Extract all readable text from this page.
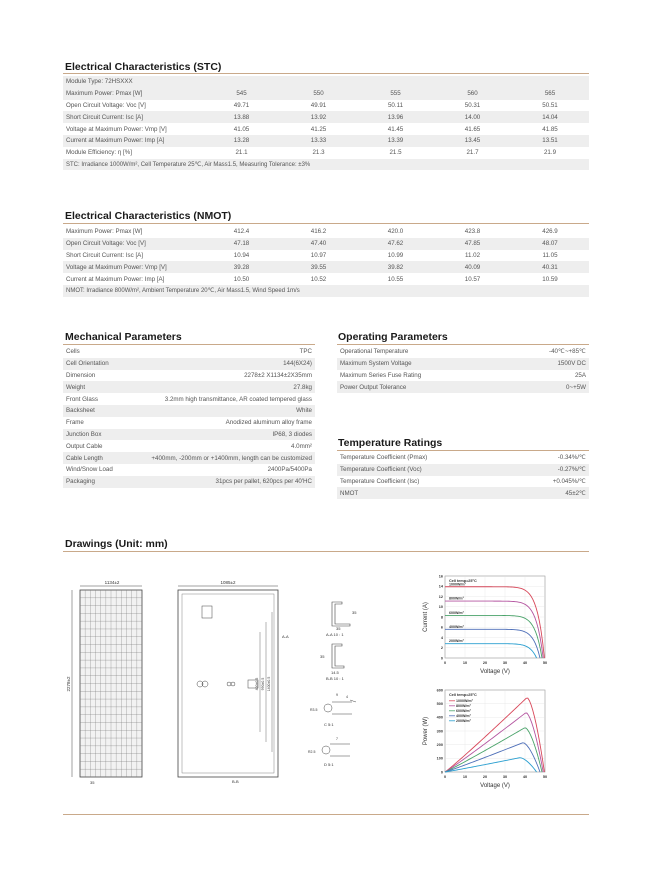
Electrical Characteristics (STC)
Module Type: 72HSXXX					
Maximum Power: Pmax [W]	545	550	555	560	565
Open Circuit Voltage: Voc [V]	49.71	49.91	50.11	50.31	50.51
Short Circuit Current: Isc [A]	13.88	13.92	13.96	14.00	14.04
Voltage at Maximum Power: Vmp [V]	41.05	41.25	41.45	41.65	41.85
Current at Maximum Power: Imp [A]	13.28	13.33	13.39	13.45	13.51
Module Efficiency: η [%]	21.1	21.3	21.5	21.7	21.9
STC: Irradiance 1000W/m², Cell Temperature 25℃, Air Mass1.5, Measuring Tolerance: ±3%					
Electrical Characteristics (NMOT)
Maximum Power: Pmax [W]	412.4	416.2	420.0	423.8	426.9
Open Circuit Voltage: Voc [V]	47.18	47.40	47.62	47.85	48.07
Short Circuit Current: Isc [A]	10.94	10.97	10.99	11.02	11.05
Voltage at Maximum Power: Vmp [V]	39.28	39.55	39.82	40.09	40.31
Current at Maximum Power: Imp [A]	10.50	10.52	10.55	10.57	10.59
NMOT: Irradiance 800W/m², Ambient Temperature 20℃, Air Mass1.5, Wind Speed 1m/s					
Mechanical Parameters
Cells	TPC
Cell Orientation	144(6X24)
Dimension	2278±2 X1134±2X35mm
Weight	27.8kg
Front Glass	3.2mm high transmittance, AR coated tempered glass
Backsheet	White
Frame	Anodized aluminum alloy frame
Junction Box	IP68, 3 diodes
Output Cable	4.0mm²
Cable Length	+400mm, -200mm or +1400mm, length can be customized
Wind/Snow Load	2400Pa/5400Pa
Packaging	31pcs per pallet, 620pcs per 40'HC
Operating Parameters
Operational Temperature	-40℃~+85℃
Maximum System Voltage	1500V DC
Maximum Series Fuse Rating	25A
Power Output Tolerance	0~+5W
Temperature Ratings
Temperature Coefficient (Pmax)	-0.34%/℃
Temperature Coefficient (Voc)	-0.27%/℃
Temperature Coefficient (Isc)	+0.045%/℃
NMOT	45±2℃
Drawings (Unit: mm)
1134±2
2278±2
35
1085±2
400±0.5 990±0.5 1400±0.5
A-A
B-B
35
35
A-A 10 : 1
35
14.5
B-B 10 : 1
R3.5
4
9
C 5:1
R2.5
7
D 5:1
0	10	20	30	40	50
0
2
4
6
8
10
12
14
16
Voltage (V)
Current (A)
Cell temp=25°C
1000W/m²
800W/m²
600W/m²
400W/m²
200W/m²
0	10	20	30	40	50
0
100
200
300
400
500
600
Voltage (V)
Power (W)
Cell temp=25°C
1000W/m²
800W/m²
600W/m²
400W/m²
200W/m²
